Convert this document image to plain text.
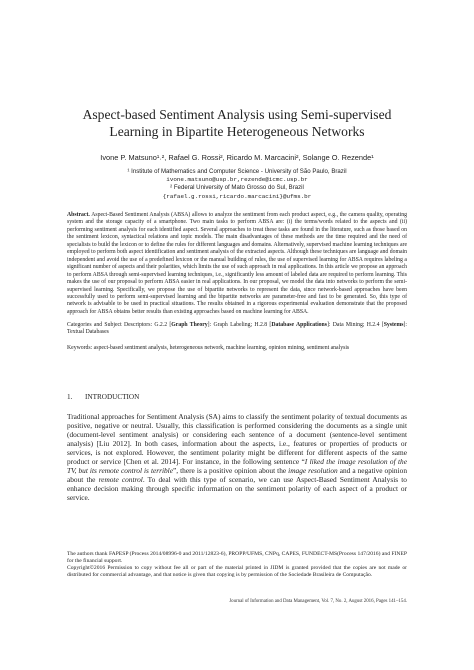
Aspect-based Sentiment Analysis using Semi-supervised
Learning in Bipartite Heterogeneous Networks
Ivone P. Matsuno¹˒², Rafael G. Rossi², Ricardo M. Marcacini², Solange O. Rezende¹
¹ Institute of Mathematics and Computer Science - University of São Paulo, Brazil
ivone.matsuno@usp.br,rezende@icmc.usp.br
² Federal University of Mato Grosso do Sul, Brazil
{rafael.g.rossi,ricardo.marcacini}@ufms.br
Abstract. Aspect-Based Sentiment Analysis (ABSA) allows to analyze the sentiment from each product aspect, e.g., the camera quality, operating system and the storage capacity of a smartphone. Two main tasks to perform ABSA are: (i) the terms/words related to the aspects and (ii) performing sentiment analysis for each identified aspect. Several approaches to treat these tasks are found in the literature, such as those based on the sentiment lexicon, syntactical relations and topic models. The main disadvantages of these methods are the time required and the need of specialists to build the lexicon or to define the rules for different languages and domains. Alternatively, supervised machine learning techniques are employed to perform both aspect identification and sentiment analysis of the extracted aspects. Although these techniques are language and domain independent and avoid the use of a predefined lexicon or the manual building of rules, the use of supervised learning for ABSA requires labeling a significant number of aspects and their polarities, which limits the use of such approach in real applications. In this article we propose an approach to perform ABSA through semi-supervised learning techniques, i.e., significantly less amount of labeled data are required to perform learning. This makes the use of our proposal to perform ABSA easier in real applications. In our proposal, we model the data into networks to perform the semi-supervised learning. Specifically, we propose the use of bipartite networks to represent the data, since network-based approaches have been successfully used to perform semi-supervised learning and the bipartite networks are parameter-free and fast to be generated. So, this type of network is advisable to be used in practical situations. The results obtained in a rigorous experimental evaluation demonstrate that the proposed approach for ABSA obtains better results than existing approaches based on machine learning for ABSA.
Categories and Subject Descriptors: G.2.2 [Graph Theory]: Graph Labeling; H.2.8 [Database Applications]: Data Mining; H.2.4 [Systems]: Textual Databases
Keywords: aspect-based sentiment analysis, heterogeneous network, machine learning, opinion mining, sentiment analysis
1. INTRODUCTION
Traditional approaches for Sentiment Analysis (SA) aims to classify the sentiment polarity of textual documents as positive, negative or neutral. Usually, this classification is performed considering the documents as a single unit (document-level sentiment analysis) or considering each sentence of a document (sentence-level sentiment analysis) [Liu 2012]. In both cases, information about the aspects, i.e., features or properties of products or services, is not explored. However, the sentiment polarity might be different for different aspects of the same product or service [Chen et al. 2014]. For instance, in the following sentence “I liked the image resolution of the TV, but its remote control is terrible”, there is a positive opinion about the image resolution and a negative opinion about the remote control. To deal with this type of scenario, we can use Aspect-Based Sentiment Analysis to enhance decision making through specific information on the sentiment polarity of each aspect of a product or service.

The authors thank FAPESP (Process 2014/08996-0 and 2011/12823-6), PROPP/UFMS, CNPq, CAPES, FUNDECT-MS(Process 147/2016) and FINEP for the financial support.

Copyright©2016 Permission to copy without fee all or part of the material printed in JIDM is granted provided that the copies are not made or distributed for commercial advantage, and that notice is given that copying is by permission of the Sociedade Brasileira de Computação.

Journal of Information and Data Management, Vol. 7, No. 2, August 2016, Pages 141–154.
